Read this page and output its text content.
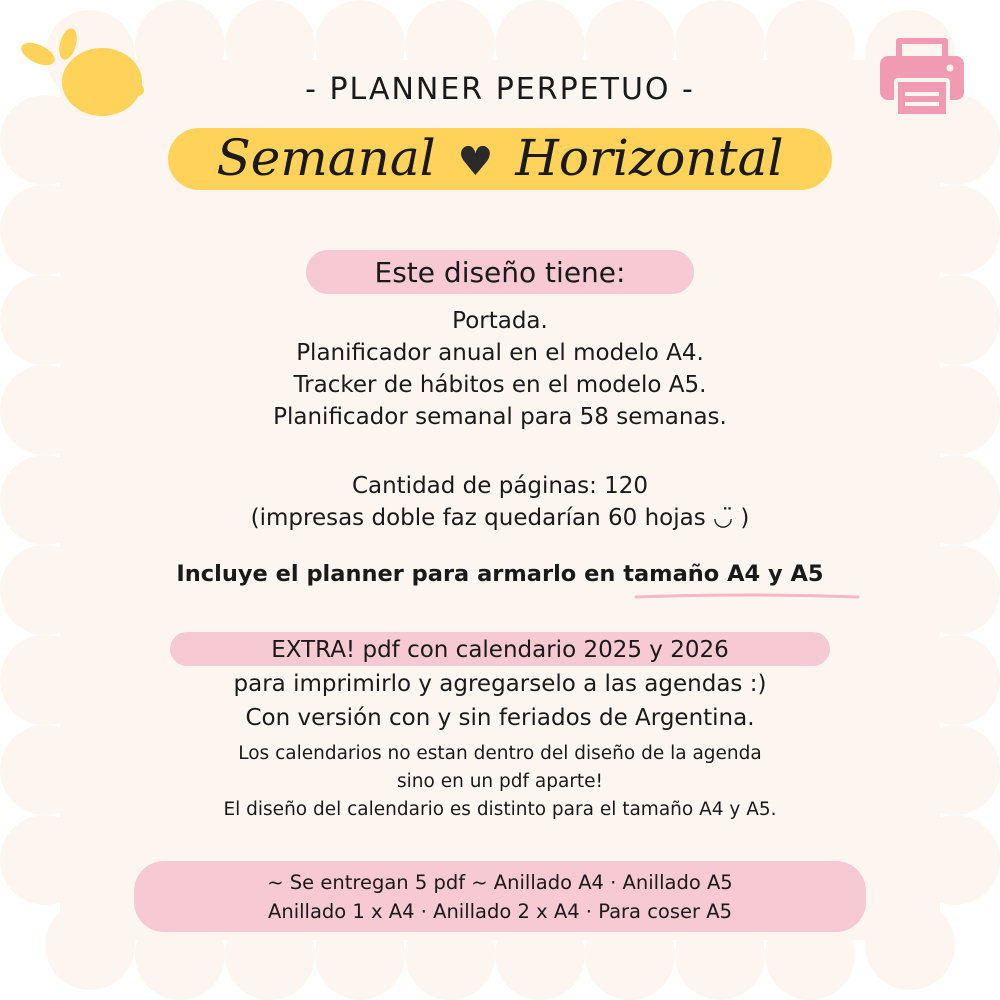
- PLANNER PERPETUO -
Semanal ♥ Horizontal
Este diseño tiene:
Portada.
Planificador anual en el modelo A4.
Tracker de hábitos en el modelo A5.
Planificador semanal para 58 semanas.
Cantidad de páginas: 120
(impresas doble faz quedarían 60 hojas ◡̈ )
Incluye el planner para armarlo en tamaño A4 y A5
EXTRA! pdf con calendario 2025 y 2026
para imprimirlo y agregarselo a las agendas :)
Con versión con y sin feriados de Argentina.
Los calendarios no estan dentro del diseño de la agenda
sino en un pdf aparte!
El diseño del calendario es distinto para el tamaño A4 y A5.
~ Se entregan 5 pdf ~ Anillado A4 · Anillado A5
Anillado 1 x A4 · Anillado 2 x A4 · Para coser A5
